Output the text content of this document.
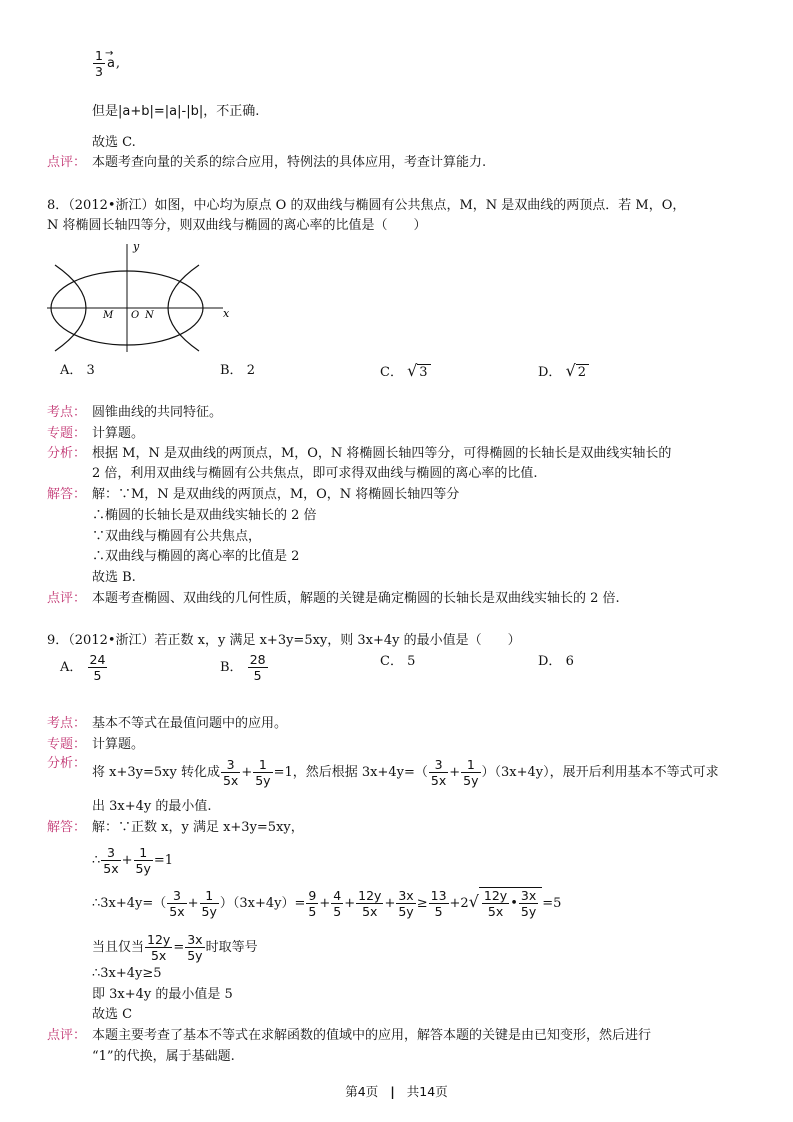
$\frac{1}{3}$
→ a,
但是|a+b|=|a|-|b|，不正确.
故选 C.
点评： 本题考查向量的关系的综合应用，特例法的具体应用，考查计算能力.
8．（2012•浙江）如图，中心均为原点 O 的双曲线与椭圆有公共焦点，M，N 是双曲线的两顶点．若 M，O，
N 将椭圆长轴四等分，则双曲线与椭圆的离心率的比值是（　　）
y
x
M O N
A． 3	B． 2	C． √ 3	D． √ 2
考点： 圆锥曲线的共同特征。
专题： 计算题。
分析： 根据 M，N 是双曲线的两顶点，M，O，N 将椭圆长轴四等分，可得椭圆的长轴长是双曲线实轴长的
2 倍，利用双曲线与椭圆有公共焦点，即可求得双曲线与椭圆的离心率的比值.
解答： 解：∵M，N 是双曲线的两顶点，M，O，N 将椭圆长轴四等分
∴椭圆的长轴长是双曲线实轴长的 2 倍
∵双曲线与椭圆有公共焦点，
∴双曲线与椭圆的离心率的比值是 2
故选 B.
点评： 本题考查椭圆、双曲线的几何性质，解题的关键是确定椭圆的长轴长是双曲线实轴长的 2 倍.
9．（2012•浙江）若正数 x，y 满足 x+3y=5xy，则 3x+4y 的最小值是（　　）
A． $\frac{24}{5}$	B． $\frac{28}{5}$	C． 5	D． 6
考点： 基本不等式在最值问题中的应用。
专题： 计算题。
分析：
将 x+3y=5xy 转化成 $\frac{3}{5x} + \frac{1}{5y} =1$，然后根据 $3x+4y=( \frac{3}{5x} + \frac{1}{5y} )(3x+4y)$，展开后利用基本不等式可求
出 3x+4y 的最小值.
解答： 解：∵正数 x，y 满足 x+3y=5xy，
∴ $\frac{3}{5x} + \frac{1}{5y} =1$
∴3x+4y=（ $\frac{3}{5x} + \frac{1}{5y} )(3x+4y)= \frac{9}{5} + \frac{4}{5} + \frac{12y}{5x} + \frac{3x}{5y} \ge \frac{13}{5} +2√ \frac{12y}{5x}$ • $\frac{3x}{5y} =5$
当且仅当 $\frac{12y}{5x} = \frac{3x}{5y}$ 时取等号
∴3x+4y≥5
即 3x+4y 的最小值是 5
故选 C
点评： 本题主要考查了基本不等式在求解函数的值域中的应用，解答本题的关键是由已知变形，然后进行
“1”的代换，属于基础题.
第4页 | 共14页
